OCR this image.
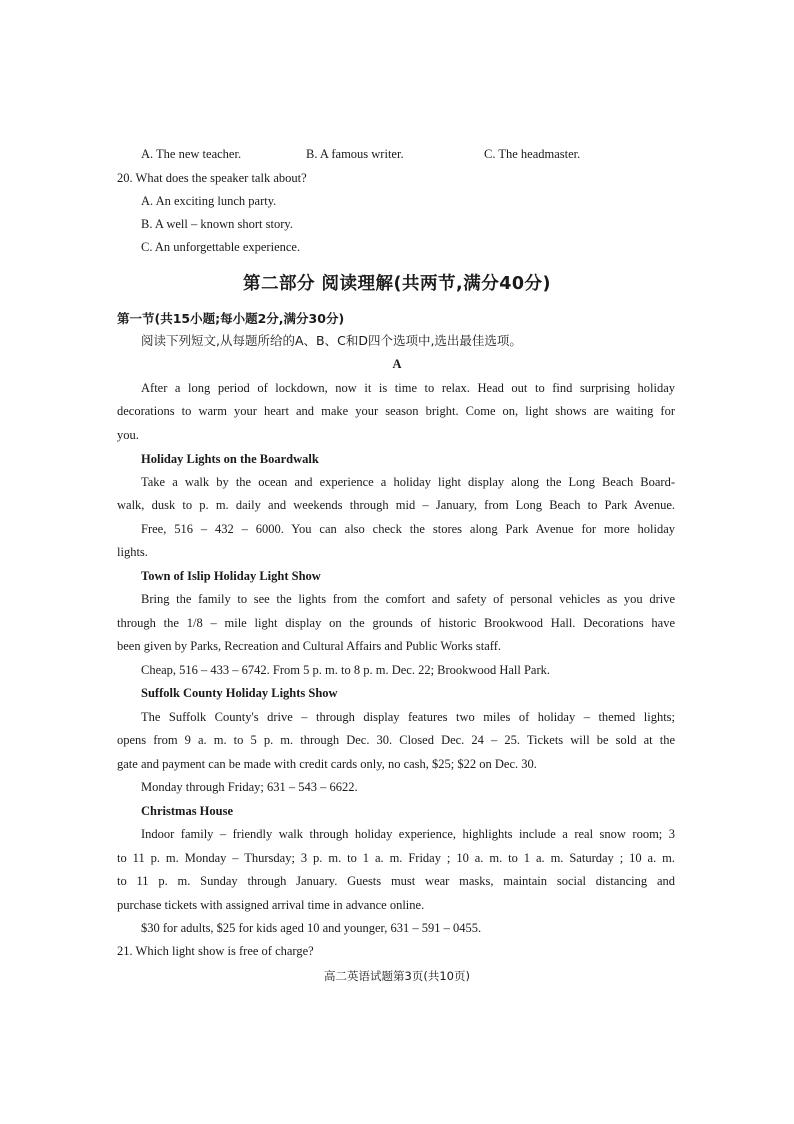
A. The new teacher.	B. A famous writer.	C. The headmaster.
20. What does the speaker talk about?
A. An exciting lunch party.
B. A well – known short story.
C. An unforgettable experience.
第二部分 阅读理解(共两节,满分40分)
第一节(共15小题;每小题2分,满分30分)
阅读下列短文,从每题所给的A、B、C和D四个选项中,选出最佳选项。
A
After a long period of lockdown, now it is time to relax. Head out to find surprising holiday
decorations to warm your heart and make your season bright. Come on, light shows are waiting for
you.
Holiday Lights on the Boardwalk
Take a walk by the ocean and experience a holiday light display along the Long Beach Board-
walk, dusk to p. m. daily and weekends through mid – January, from Long Beach to Park Avenue.
Free, 516 – 432 – 6000. You can also check the stores along Park Avenue for more holiday
lights.
Town of Islip Holiday Light Show
Bring the family to see the lights from the comfort and safety of personal vehicles as you drive
through the 1/8 – mile light display on the grounds of historic Brookwood Hall. Decorations have
been given by Parks, Recreation and Cultural Affairs and Public Works staff.
Cheap, 516 – 433 – 6742. From 5 p. m. to 8 p. m. Dec. 22; Brookwood Hall Park.
Suffolk County Holiday Lights Show
The Suffolk County's drive – through display features two miles of holiday – themed lights;
opens from 9 a. m. to 5 p. m. through Dec. 30. Closed Dec. 24 – 25. Tickets will be sold at the
gate and payment can be made with credit cards only, no cash, $25; $22 on Dec. 30.
Monday through Friday; 631 – 543 – 6622.
Christmas House
Indoor family – friendly walk through holiday experience, highlights include a real snow room; 3
to 11 p. m. Monday – Thursday; 3 p. m. to 1 a. m. Friday ; 10 a. m. to 1 a. m. Saturday ; 10 a. m.
to 11 p. m. Sunday through January. Guests must wear masks, maintain social distancing and
purchase tickets with assigned arrival time in advance online.
$30 for adults, $25 for kids aged 10 and younger, 631 – 591 – 0455.
21. Which light show is free of charge?
高二英语试题第3页(共10页)
